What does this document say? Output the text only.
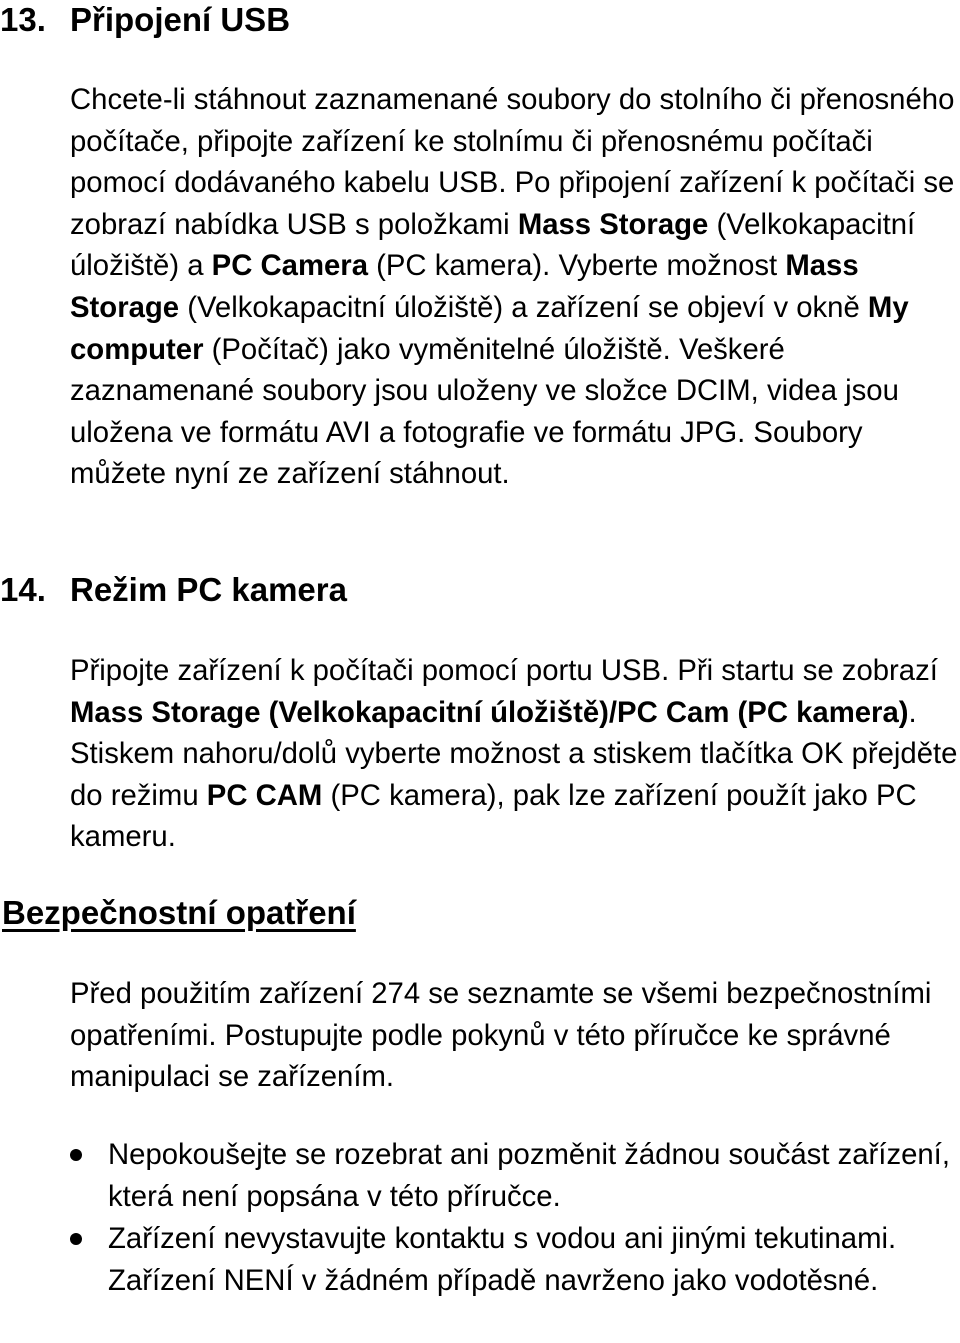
13. Připojení USB

Chcete-li stáhnout zaznamenané soubory do stolního či přenosného počítače, připojte zařízení ke stolnímu či přenosnému počítači pomocí dodávaného kabelu USB. Po připojení zařízení k počítači se zobrazí nabídka USB s položkami Mass Storage (Velkokapacitní úložiště) a PC Camera (PC kamera). Vyberte možnost Mass Storage (Velkokapacitní úložiště) a zařízení se objeví v okně My computer (Počítač) jako vyměnitelné úložiště. Veškeré zaznamenané soubory jsou uloženy ve složce DCIM, videa jsou uložena ve formátu AVI a fotografie ve formátu JPG. Soubory můžete nyní ze zařízení stáhnout.

14. Režim PC kamera

Připojte zařízení k počítači pomocí portu USB. Při startu se zobrazí Mass Storage (Velkokapacitní úložiště)/PC Cam (PC kamera). Stiskem nahoru/dolů vyberte možnost a stiskem tlačítka OK přejděte do režimu PC CAM (PC kamera), pak lze zařízení použít jako PC kameru.

Bezpečnostní opatření

Před použitím zařízení 274 se seznamte se všemi bezpečnostními opatřeními. Postupujte podle pokynů v této příručce ke správné manipulaci se zařízením.

Nepokoušejte se rozebrat ani pozměnit žádnou součást zařízení, která není popsána v této příručce.
Zařízení nevystavujte kontaktu s vodou ani jinými tekutinami. Zařízení NENÍ v žádném případě navrženo jako vodotěsné.
